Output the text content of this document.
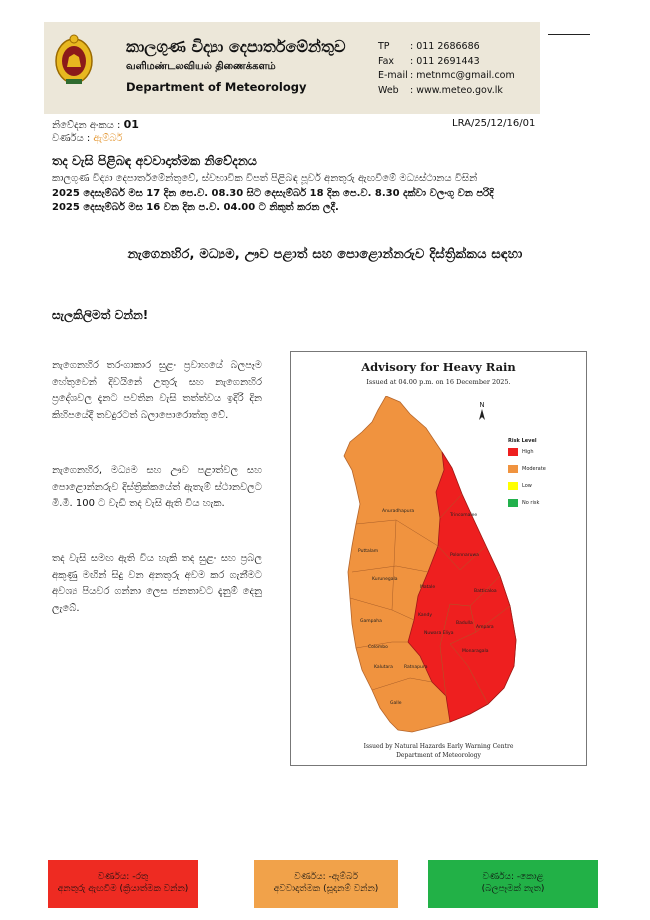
කාලගුණ විද්‍යා දෙපාර්තමේන්තුව
வளிமண்டலவியல் திணைக்களம்
Department of Meteorology
TP	: 011 2686686
Fax	: 011 2691443
E-mail : metnmc@gmail.com
Web	: www.meteo.gov.lk
නිවේදන අංකය : 01
වර්ණය : ඇම්බර්
LRA/25/12/16/01
තද වැසි පිළිබඳ අවවාදාත්මක නිවේදනය
කාලගුණ විද්‍යා දෙපාර්තමේන්තුවේ, ස්වභාවික විපත් පිළිබඳ පූර්ව අනතුරු ඇඟවීමේ මධ්‍යස්ථානය විසින්
2025 දෙසැම්බර් මස 17 දින පෙ.ව. 08.30 සිට දෙසැම්බර් 18 දින පෙ.ව. 8.30 දක්වා වලංගු වන පරිදි
2025 දෙසැම්බර් මස 16 වන දින ප.ව. 04.00 ට නිකුත් කරන ලදී.
නැගෙනහිර, මධ්‍යම, ඌව පළාත් සහ පොළොන්නරුව දිස්ත්‍රික්කය සඳහා
සැලකිලිමත් වන්න!
නැගෙනහිර තරංගාකාර සුළං ප්‍රවාහයේ බලපෑම හේතුවෙන් දිවයිනේ උතුරු සහ නැගෙනහිර ප්‍රදේශවල දැනට පවතින වැසි තත්ත්වය ඉදිරි දින කිහිපයේදී තවදුරටත් බලාපොරොත්තු වේ.
නැගෙනහිර, මධ්‍යම සහ ඌව පළාත්වල සහ පොළොන්නරුව දිස්ත්‍රික්කයේත් ඇතැම් ස්ථානවලට මි.මී. 100 ට වැඩි තද වැසි ඇති විය හැක.
තද වැසි සමඟ ඇති විය හැකි තද සුළං සහ ප්‍රබල අකුණු මඟින් සිදු වන අනතුරු අවම කර ගැනීමට අවශ්‍ය පියවර ගන්නා ලෙස ජනතාවට දැනුම් දෙනු ලැබේ.
Advisory for Heavy Rain
Issued at 04.00 p.m. on 16 December 2025.
N
Anuradhapura
Puttalam
Kurunegala
Gampaha
Colombo
Kalutara Ratnapura
Galle
Trincomalee
Polonnaruwa
Batticaloa
Matale
Kandy
Ampara
Badulla
Nuwara Eliya
Monaragala
Risk Level
High
Moderate
Low
No risk
Issued by Natural Hazards Early Warning Centre
Department of Meteorology
වර්ණය: -රතු
අනතුරු ඇඟවීම (ක්‍රියාත්මක වන්න)
වර්ණය: -ඇම්බර්
අවවාදාත්මක (සූදානම් වන්න)
වර්ණය: -කොළ
(බලපෑමක් නැත)
